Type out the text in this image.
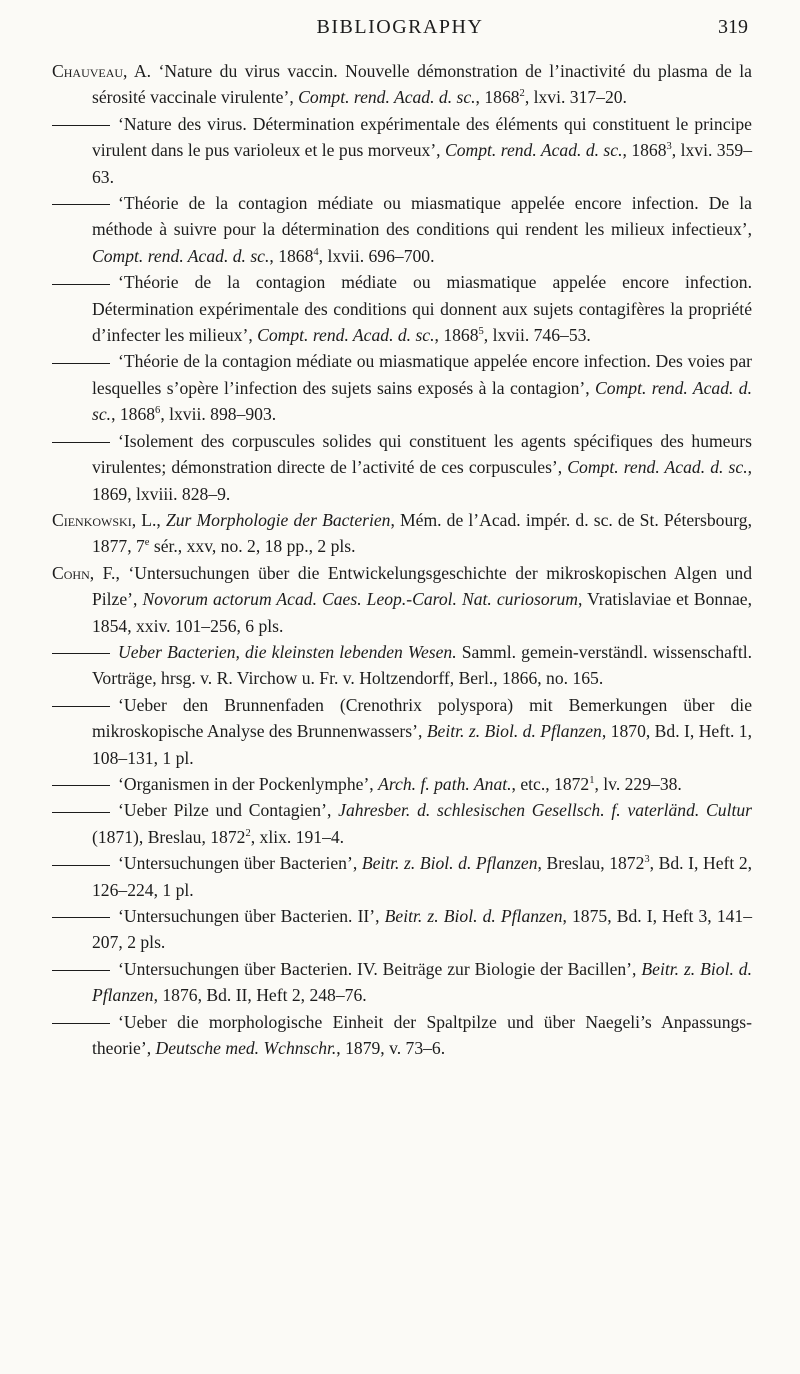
BIBLIOGRAPHY	319

Chauveau, A. ‘Nature du virus vaccin. Nouvelle démonstration de l’inactivité du plasma de la sérosité vaccinale virulente’, Compt. rend. Acad. d. sc., 1868$^2$, lxvi. 317–20.

‘Nature des virus. Détermination expérimentale des éléments qui constituent le principe virulent dans le pus varioleux et le pus morveux’, Compt. rend. Acad. d. sc., 1868$^3$, lxvi. 359–63.

‘Théorie de la contagion médiate ou miasmatique appelée encore infection. De la méthode à suivre pour la détermination des conditions qui rendent les milieux infectieux’, Compt. rend. Acad. d. sc., 1868$^4$, lxvii. 696–700.

‘Théorie de la contagion médiate ou miasmatique appelée encore infection. Détermination expérimentale des conditions qui donnent aux sujets contagifères la propriété d’infecter les milieux’, Compt. rend. Acad. d. sc., 1868$^5$, lxvii. 746–53.

‘Théorie de la contagion médiate ou miasmatique appelée encore infection. Des voies par lesquelles s’opère l’infection des sujets sains exposés à la contagion’, Compt. rend. Acad. d. sc., 1868$^6$, lxvii. 898–903.

‘Isolement des corpuscules solides qui constituent les agents spécifiques des humeurs virulentes; démonstration directe de l’activité de ces corpuscules’, Compt. rend. Acad. d. sc., 1869, lxviii. 828–9.

Cienkowski, L., Zur Morphologie der Bacterien, Mém. de l’Acad. impér. d. sc. de St. Pétersbourg, 1877, 7e sér., xxv, no. 2, 18 pp., 2 pls.

Cohn, F., ‘Untersuchungen über die Entwickelungsgeschichte der mikroskopischen Algen und Pilze’, Novorum actorum Acad. Caes. Leop.-Carol. Nat. curiosorum, Vratislaviae et Bonnae, 1854, xxiv. 101–256, 6 pls.

Ueber Bacterien, die kleinsten lebenden Wesen. Samml. gemein-verständl. wissenschaftl. Vorträge, hrsg. v. R. Virchow u. Fr. v. Holtzendorff, Berl., 1866, no. 165.

‘Ueber den Brunnenfaden (Crenothrix polyspora) mit Bemerkungen über die mikroskopische Analyse des Brunnenwassers’, Beitr. z. Biol. d. Pflanzen, 1870, Bd. I, Heft. 1, 108–131, 1 pl.

‘Organismen in der Pockenlymphe’, Arch. f. path. Anat., etc., 1872$^1$, lv. 229–38.

‘Ueber Pilze und Contagien’, Jahresber. d. schlesischen Gesellsch. f. vaterländ. Cultur (1871), Breslau, 1872$^2$, xlix. 191–4.

‘Untersuchungen über Bacterien’, Beitr. z. Biol. d. Pflanzen, Breslau, 1872$^3$, Bd. I, Heft 2, 126–224, 1 pl.

‘Untersuchungen über Bacterien. II’, Beitr. z. Biol. d. Pflanzen, 1875, Bd. I, Heft 3, 141–207, 2 pls.

‘Untersuchungen über Bacterien. IV. Beiträge zur Biologie der Bacillen’, Beitr. z. Biol. d. Pflanzen, 1876, Bd. II, Heft 2, 248–76.

‘Ueber die morphologische Einheit der Spaltpilze und über Naegeli’s Anpassungs-theorie’, Deutsche med. Wchnschr., 1879, v. 73–6.
